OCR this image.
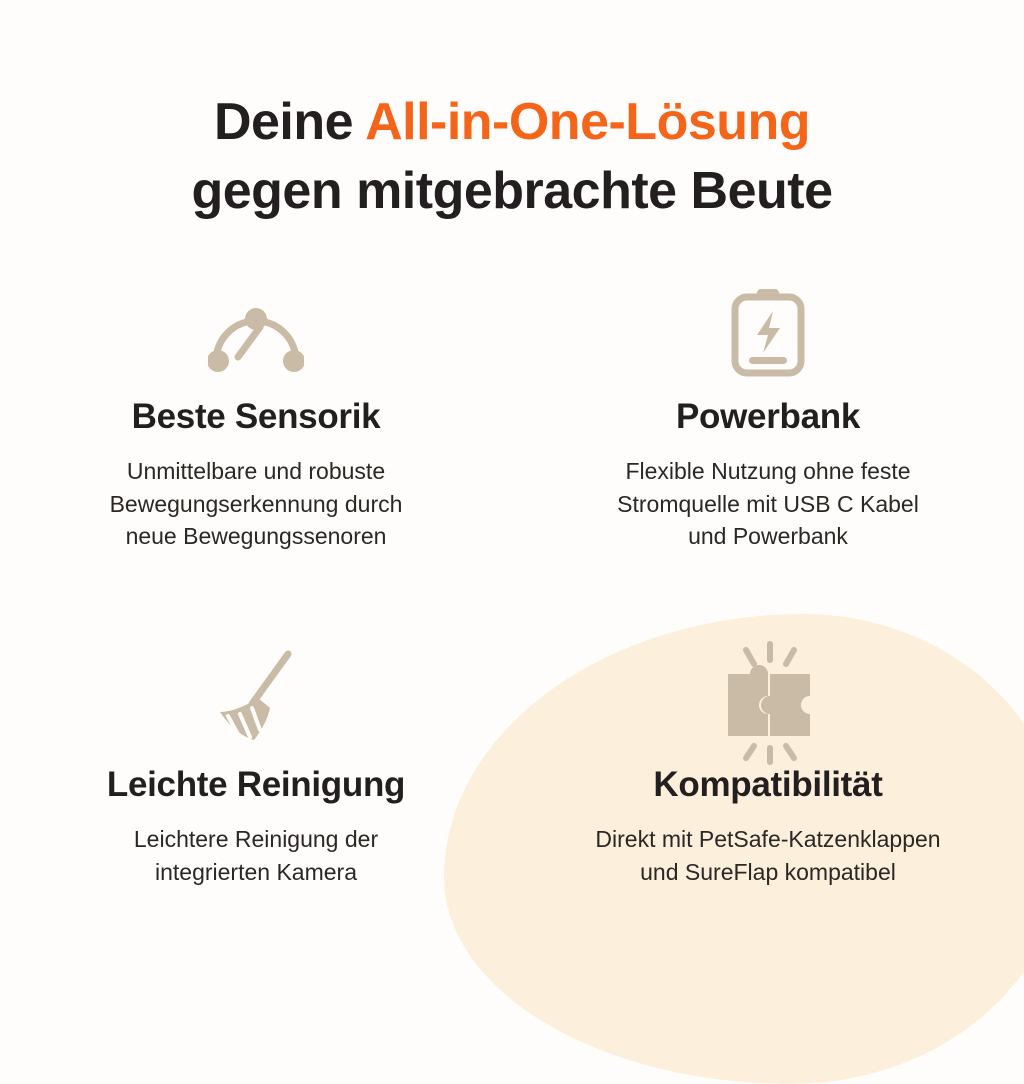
Deine All-in-One-Lösung
gegen mitgebrachte Beute
Beste Sensorik
Unmittelbare und robuste
Bewegungserkennung durch
neue Bewegungssenoren
Powerbank
Flexible Nutzung ohne feste
Stromquelle mit USB C Kabel
und Powerbank
Leichte Reinigung
Leichtere Reinigung der
integrierten Kamera
Kompatibilität
Direkt mit PetSafe-Katzenklappen
und SureFlap kompatibel
